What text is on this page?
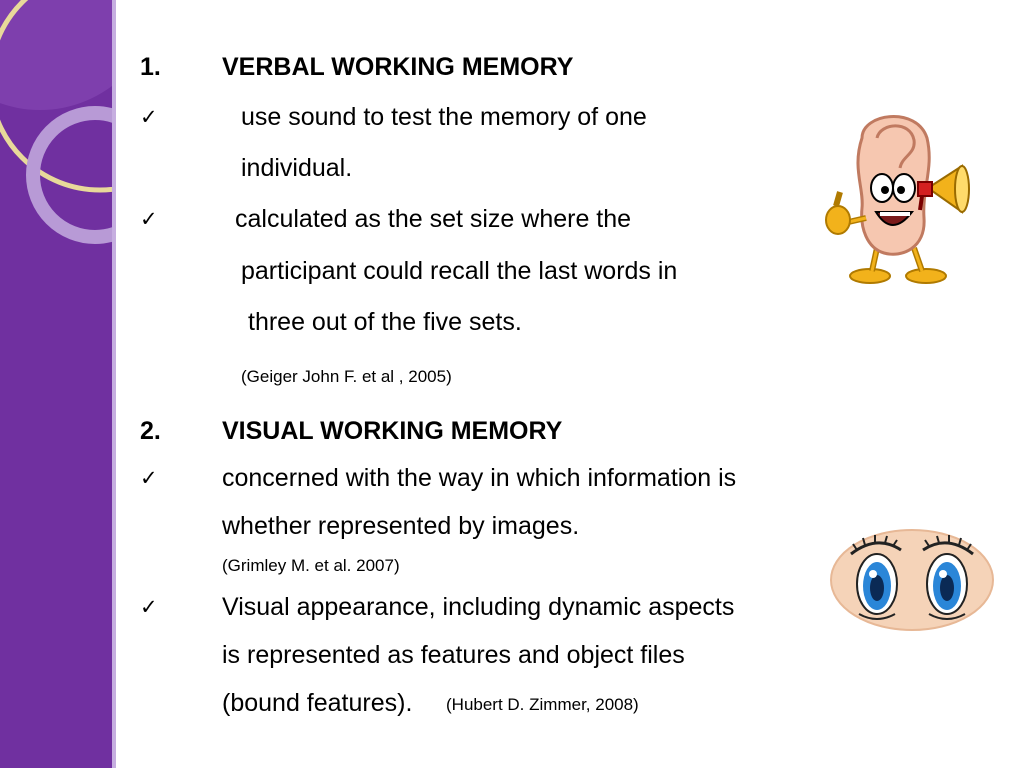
1. VERBAL WORKING MEMORY
✓	use sound to test the memory of one
individual.
✓	calculated as the set size where the
participant could recall the last words in
three out of the five sets.
(Geiger John F. et al , 2005)
2. VISUAL WORKING MEMORY
✓	concerned with the way in which information is
whether represented by images.
(Grimley M. et al. 2007)
✓	Visual appearance, including dynamic aspects
is represented as features and object files
(bound features). (Hubert D. Zimmer, 2008)
